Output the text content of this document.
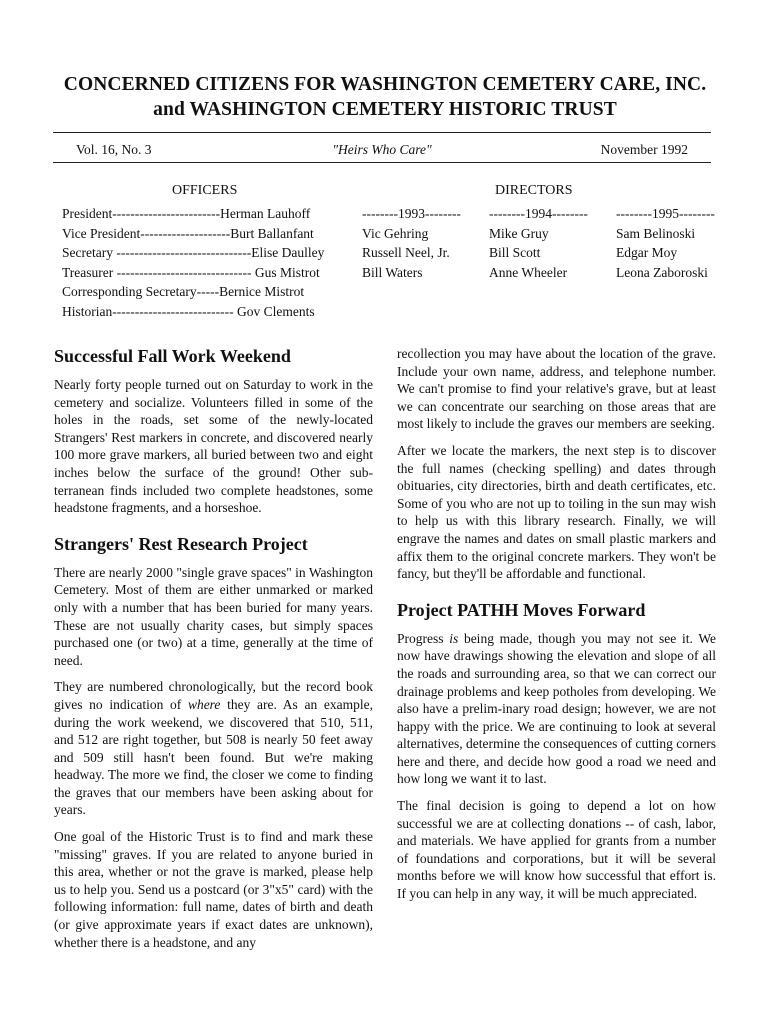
CONCERNED CITIZENS FOR WASHINGTON CEMETERY CARE, INC.
and WASHINGTON CEMETERY HISTORIC TRUST
Vol. 16, No. 3	"Heirs Who Care"	November 1992
OFFICERS
President------------------------Herman Lauhoff
Vice President--------------------Burt Ballanfant
Secretary ------------------------------Elise Daulley
Treasurer ------------------------------ Gus Mistrot
Corresponding Secretary-----Bernice Mistrot
Historian--------------------------- Gov Clements
DIRECTORS
--------1993--------
Vic Gehring
Russell Neel, Jr.
Bill Waters
--------1994--------
Mike Gruy
Bill Scott
Anne Wheeler
--------1995--------
Sam Belinoski
Edgar Moy
Leona Zaboroski
Successful Fall Work Weekend

Nearly forty people turned out on Saturday to work in the cemetery and socialize. Volunteers filled in some of the holes in the roads, set some of the newly-located Strangers' Rest markers in concrete, and discovered nearly 100 more grave markers, all buried between two and eight inches below the surface of the ground! Other sub-terranean finds included two complete headstones, some headstone fragments, and a horseshoe.

Strangers' Rest Research Project

There are nearly 2000 "single grave spaces" in Washington Cemetery. Most of them are either unmarked or marked only with a number that has been buried for many years. These are not usually charity cases, but simply spaces purchased one (or two) at a time, generally at the time of need.

They are numbered chronologically, but the record book gives no indication of where they are. As an example, during the work weekend, we discovered that 510, 511, and 512 are right together, but 508 is nearly 50 feet away and 509 still hasn't been found. But we're making headway. The more we find, the closer we come to finding the graves that our members have been asking about for years.

One goal of the Historic Trust is to find and mark these "missing" graves. If you are related to anyone buried in this area, whether or not the grave is marked, please help us to help you. Send us a postcard (or 3"x5" card) with the following information: full name, dates of birth and death (or give approximate years if exact dates are unknown), whether there is a headstone, and any

recollection you may have about the location of the grave. Include your own name, address, and telephone number. We can't promise to find your relative's grave, but at least we can concentrate our searching on those areas that are most likely to include the graves our members are seeking.

After we locate the markers, the next step is to discover the full names (checking spelling) and dates through obituaries, city directories, birth and death certificates, etc. Some of you who are not up to toiling in the sun may wish to help us with this library research. Finally, we will engrave the names and dates on small plastic markers and affix them to the original concrete markers. They won't be fancy, but they'll be affordable and functional.

Project PATHH Moves Forward

Progress is being made, though you may not see it. We now have drawings showing the elevation and slope of all the roads and surrounding area, so that we can correct our drainage problems and keep potholes from developing. We also have a prelim-inary road design; however, we are not happy with the price. We are continuing to look at several alternatives, determine the consequences of cutting corners here and there, and decide how good a road we need and how long we want it to last.

The final decision is going to depend a lot on how successful we are at collecting donations -- of cash, labor, and materials. We have applied for grants from a number of foundations and corporations, but it will be several months before we will know how successful that effort is. If you can help in any way, it will be much appreciated.
